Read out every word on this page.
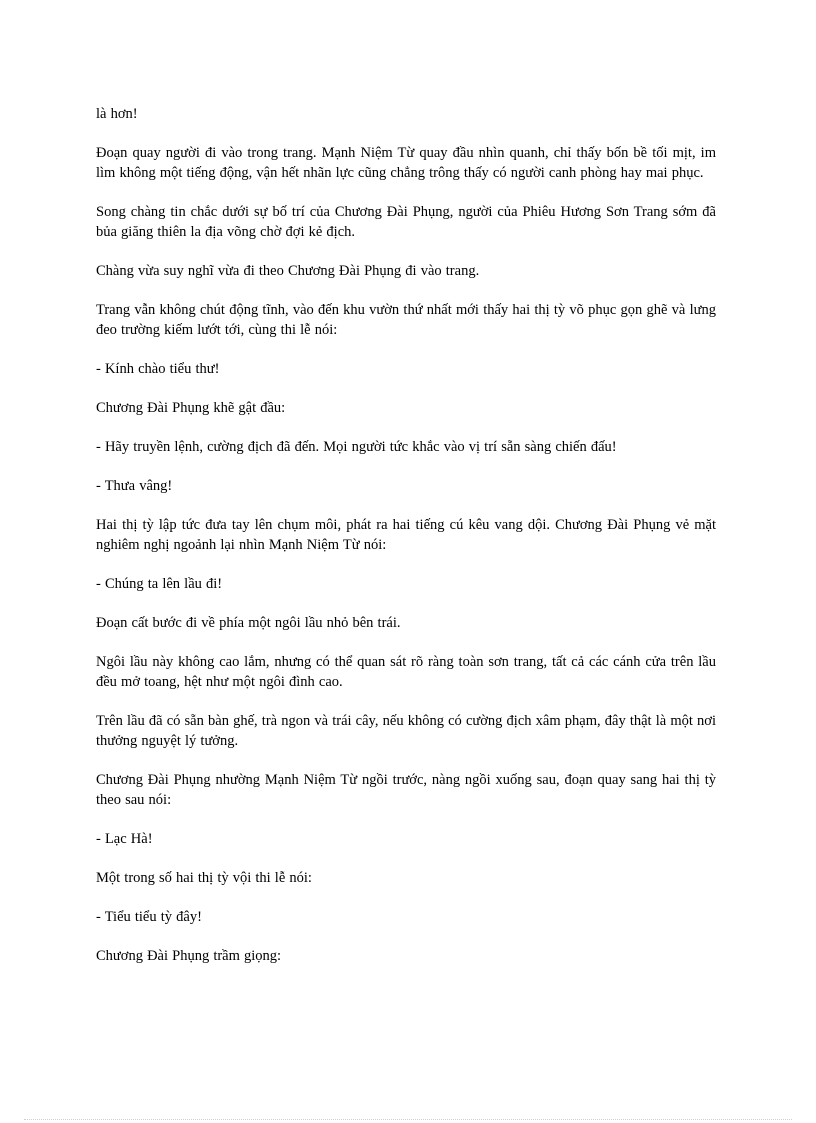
là hơn!

Đoạn quay người đi vào trong trang. Mạnh Niệm Từ quay đầu nhìn quanh, chỉ thấy bốn bề tối mịt, im lìm không một tiếng động, vận hết nhãn lực cũng chẳng trông thấy có người canh phòng hay mai phục.

Song chàng tin chắc dưới sự bố trí của Chương Đài Phụng, người của Phiêu Hương Sơn Trang sớm đã bủa giăng thiên la địa võng chờ đợi kẻ địch.

Chàng vừa suy nghĩ vừa đi theo Chương Đài Phụng đi vào trang.

Trang vẫn không chút động tĩnh, vào đến khu vườn thứ nhất mới thấy hai thị tỳ võ phục gọn ghẽ và lưng đeo trường kiếm lướt tới, cùng thi lễ nói:

- Kính chào tiểu thư!

Chương Đài Phụng khẽ gật đầu:

- Hãy truyền lệnh, cường địch đã đến. Mọi người tức khắc vào vị trí sẵn sàng chiến đấu!

- Thưa vâng!

Hai thị tỳ lập tức đưa tay lên chụm môi, phát ra hai tiếng cú kêu vang dội. Chương Đài Phụng vẻ mặt nghiêm nghị ngoảnh lại nhìn Mạnh Niệm Từ nói:

- Chúng ta lên lầu đi!

Đoạn cất bước đi về phía một ngôi lầu nhỏ bên trái.

Ngôi lầu này không cao lắm, nhưng có thể quan sát rõ ràng toàn sơn trang, tất cả các cánh cửa trên lầu đều mở toang, hệt như một ngôi đình cao.

Trên lầu đã có sẵn bàn ghế, trà ngon và trái cây, nếu không có cường địch xâm phạm, đây thật là một nơi thưởng nguyệt lý tưởng.

Chương Đài Phụng nhường Mạnh Niệm Từ ngồi trước, nàng ngồi xuống sau, đoạn quay sang hai thị tỳ theo sau nói:

- Lạc Hà!

Một trong số hai thị tỳ vội thi lễ nói:

- Tiểu tiểu tỳ đây!

Chương Đài Phụng trầm giọng:
